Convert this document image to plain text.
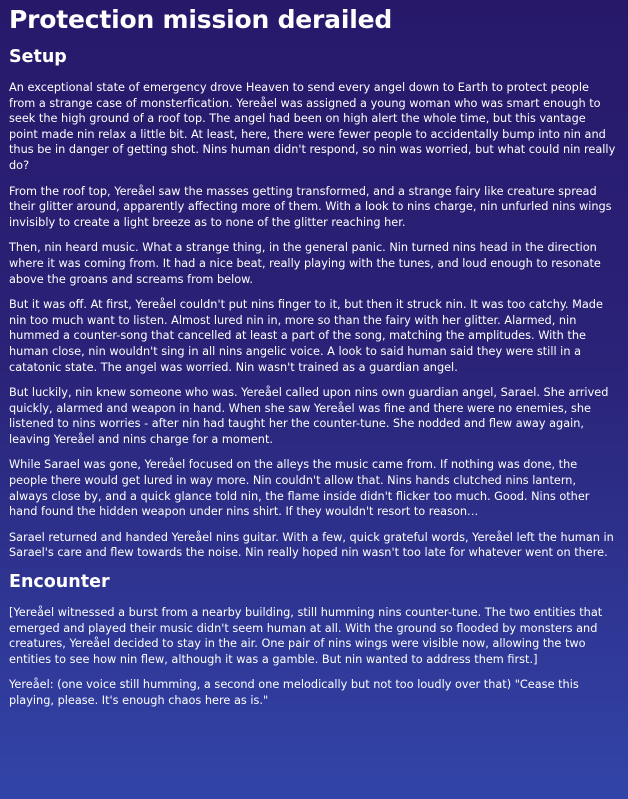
Protection mission derailed
Setup

An exceptional state of emergency drove Heaven to send every angel down to Earth to protect people from a strange case of monsterfication. Yereåel was assigned a young woman who was smart enough to seek the high ground of a roof top. The angel had been on high alert the whole time, but this vantage point made nin relax a little bit. At least, here, there were fewer people to accidentally bump into nin and thus be in danger of getting shot. Nins human didn't respond, so nin was worried, but what could nin really do?

From the roof top, Yereåel saw the masses getting transformed, and a strange fairy like creature spread their glitter around, apparently affecting more of them. With a look to nins charge, nin unfurled nins wings invisibly to create a light breeze as to none of the glitter reaching her.

Then, nin heard music. What a strange thing, in the general panic. Nin turned nins head in the direction where it was coming from. It had a nice beat, really playing with the tunes, and loud enough to resonate above the groans and screams from below.

But it was off. At first, Yereåel couldn't put nins finger to it, but then it struck nin. It was too catchy. Made nin too much want to listen. Almost lured nin in, more so than the fairy with her glitter. Alarmed, nin hummed a counter-song that cancelled at least a part of the song, matching the amplitudes. With the human close, nin wouldn't sing in all nins angelic voice. A look to said human said they were still in a catatonic state. The angel was worried. Nin wasn't trained as a guardian angel.

But luckily, nin knew someone who was. Yereåel called upon nins own guardian angel, Sarael. She arrived quickly, alarmed and weapon in hand. When she saw Yereåel was fine and there were no enemies, she listened to nins worries - after nin had taught her the counter-tune. She nodded and flew away again, leaving Yereåel and nins charge for a moment.

While Sarael was gone, Yereåel focused on the alleys the music came from. If nothing was done, the people there would get lured in way more. Nin couldn't allow that. Nins hands clutched nins lantern, always close by, and a quick glance told nin, the flame inside didn't flicker too much. Good. Nins other hand found the hidden weapon under nins shirt. If they wouldn't resort to reason…

Sarael returned and handed Yereåel nins guitar. With a few, quick grateful words, Yereåel left the human in Sarael's care and flew towards the noise. Nin really hoped nin wasn't too late for whatever went on there.

Encounter

[Yereåel witnessed a burst from a nearby building, still humming nins counter-tune. The two entities that emerged and played their music didn't seem human at all. With the ground so flooded by monsters and creatures, Yereåel decided to stay in the air. One pair of nins wings were visible now, allowing the two entities to see how nin flew, although it was a gamble. But nin wanted to address them first.]

Yereåel: (one voice still humming, a second one melodically but not too loudly over that) "Cease this playing, please. It's enough chaos here as is."
